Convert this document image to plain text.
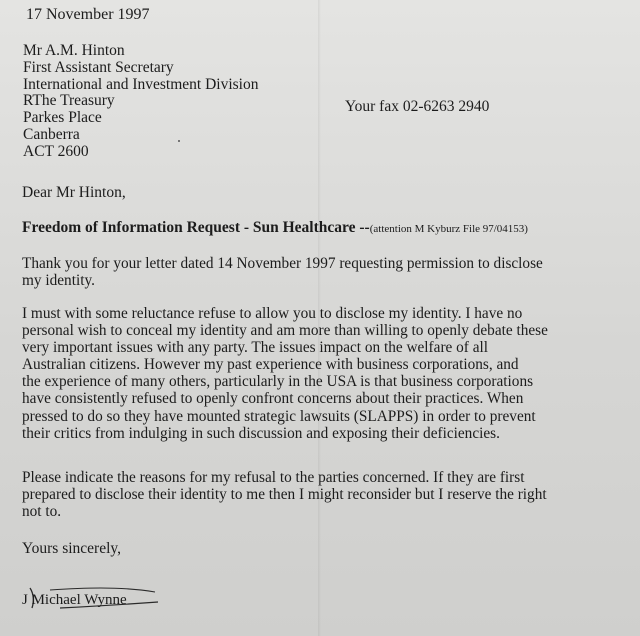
17 November 1997
Mr A.M. Hinton
First Assistant Secretary
International and Investment Division
RThe Treasury
Parkes Place
Canberra
ACT 2600
Your fax 02-6263 2940
Dear Mr Hinton,
Freedom of Information Request - Sun Healthcare --(attention M Kyburz File 97/04153)
Thank you for your letter dated 14 November 1997 requesting permission to disclose
my identity.
I must with some reluctance refuse to allow you to disclose my identity. I have no
personal wish to conceal my identity and am more than willing to openly debate these
very important issues with any party. The issues impact on the welfare of all
Australian citizens. However my past experience with business corporations, and
the experience of many others, particularly in the USA is that business corporations
have consistently refused to openly confront concerns about their practices. When
pressed to do so they have mounted strategic lawsuits (SLAPPS) in order to prevent
their critics from indulging in such discussion and exposing their deficiencies.
Please indicate the reasons for my refusal to the parties concerned. If they are first
prepared to disclose their identity to me then I might reconsider but I reserve the right
not to.
Yours sincerely,
J Michael Wynne
